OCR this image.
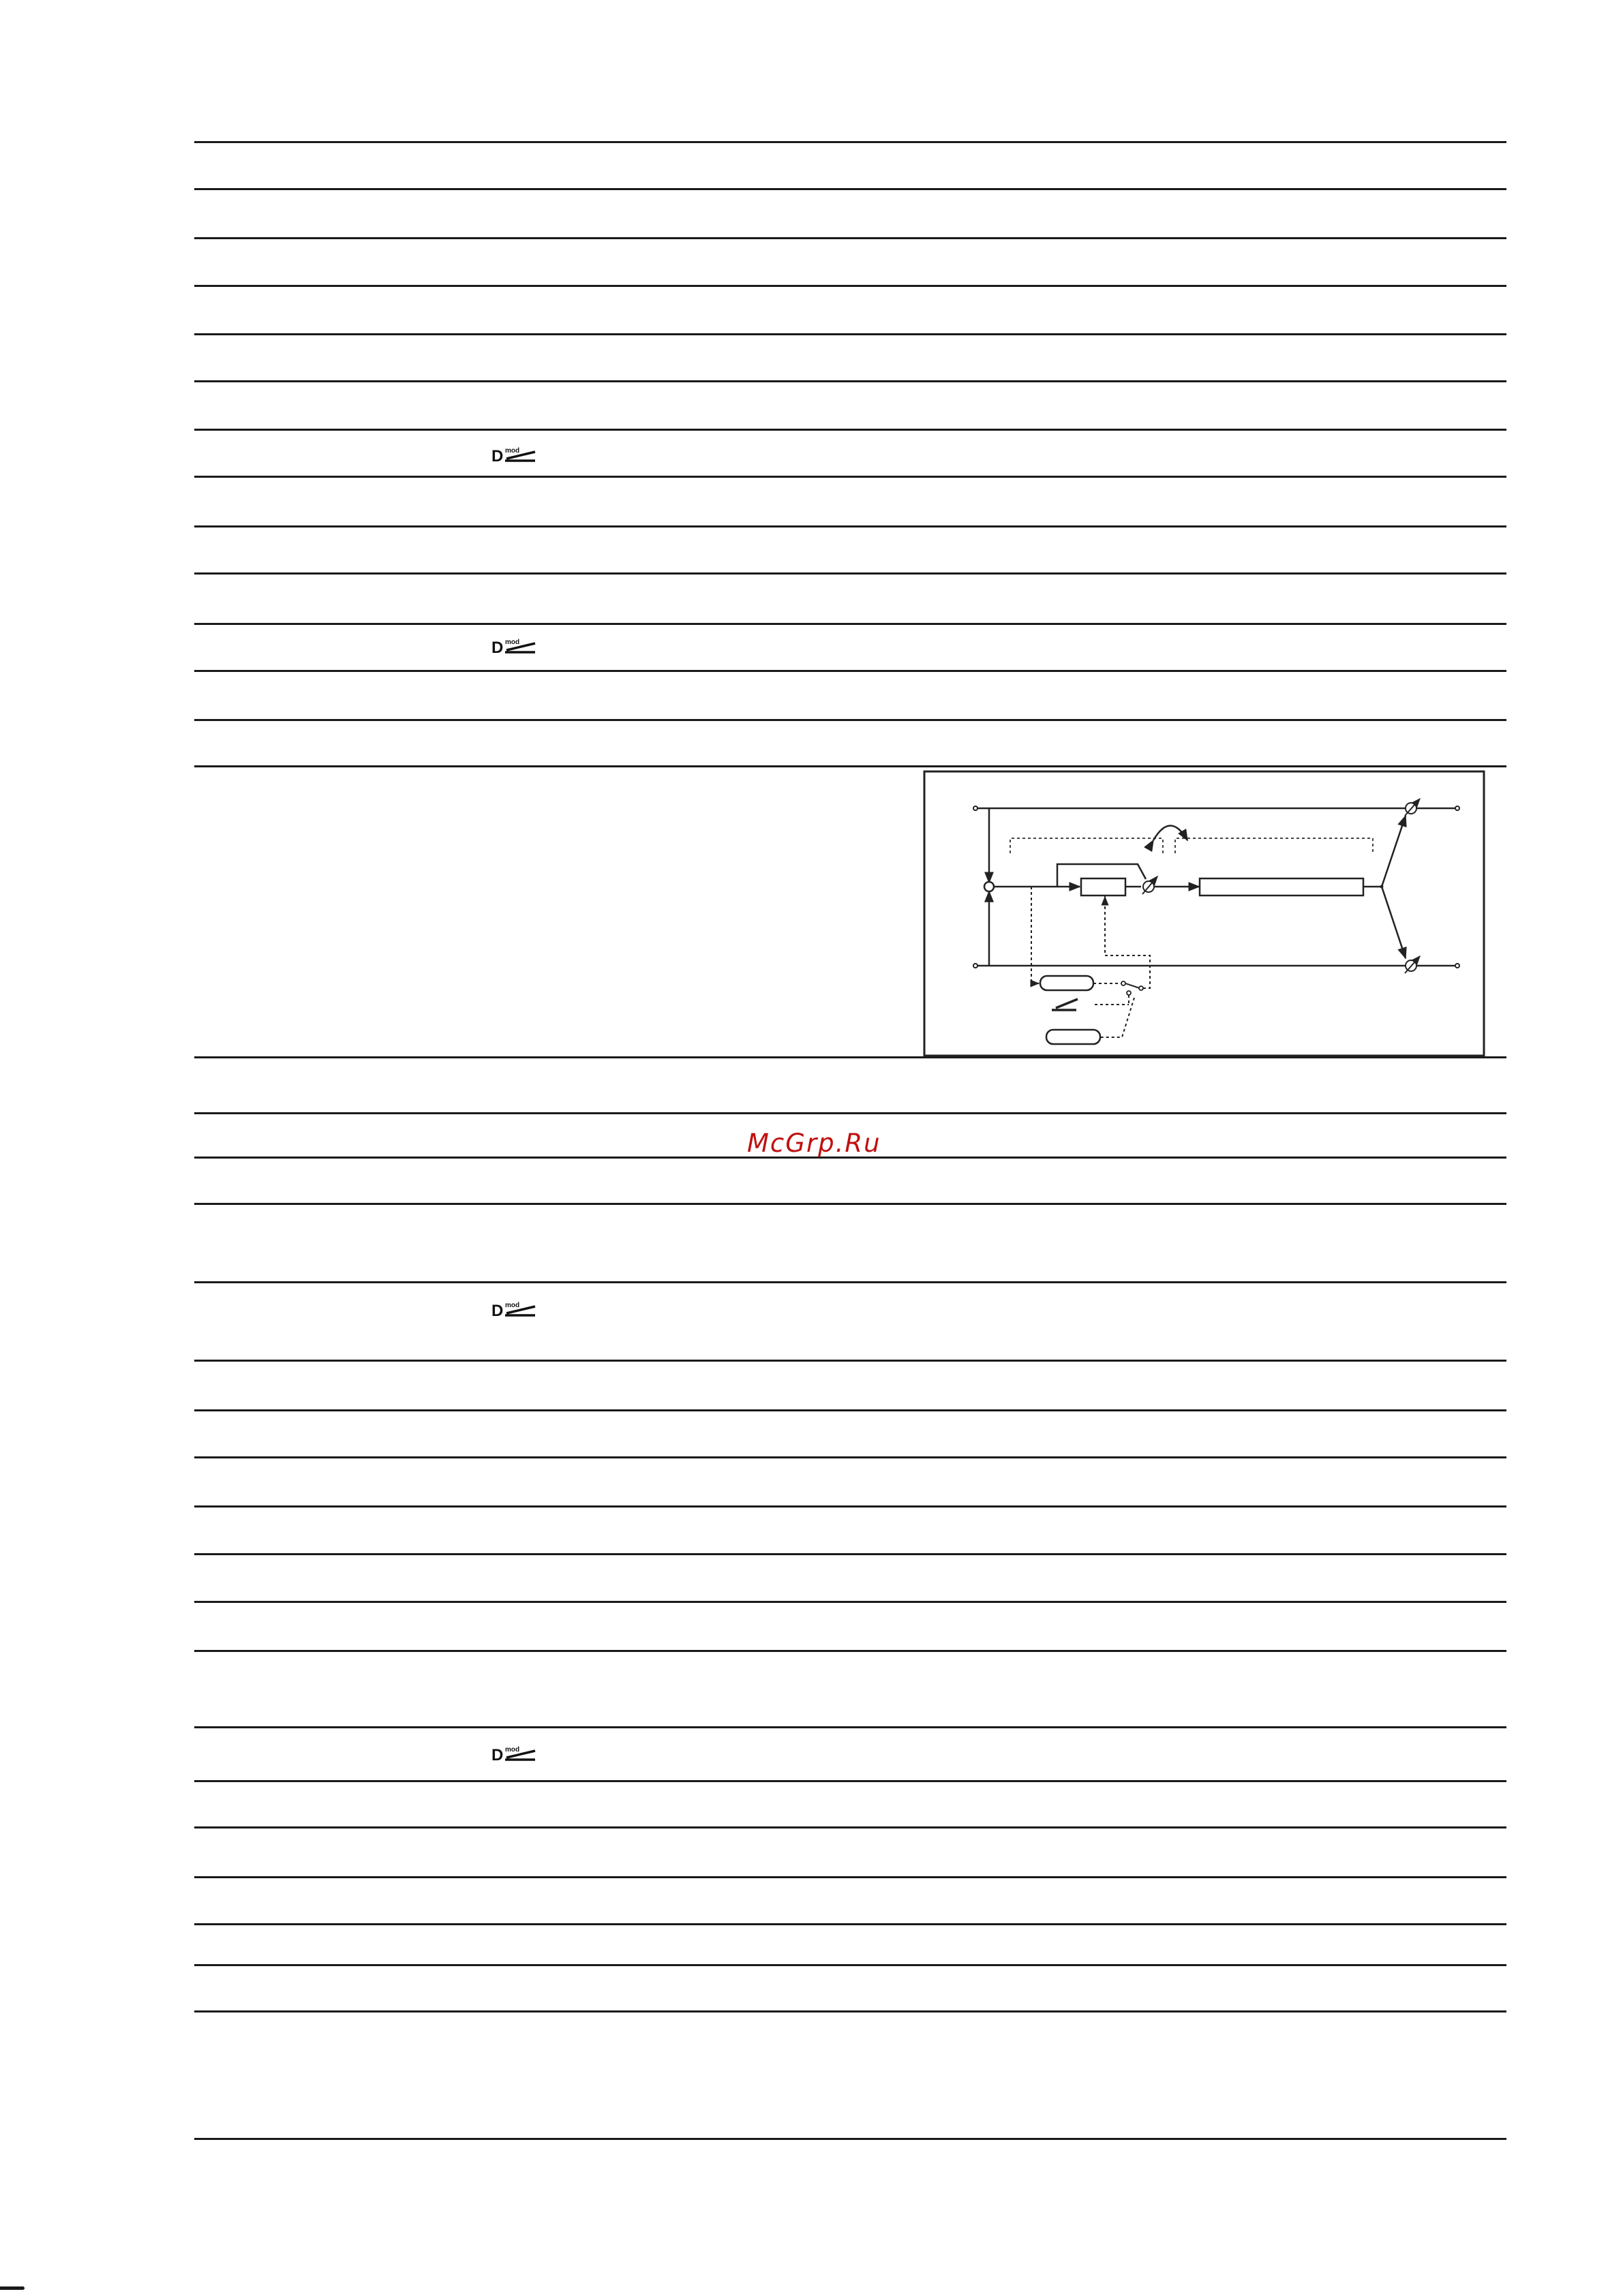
D mod
D mod
D mod
D mod
McGrp.Ru
